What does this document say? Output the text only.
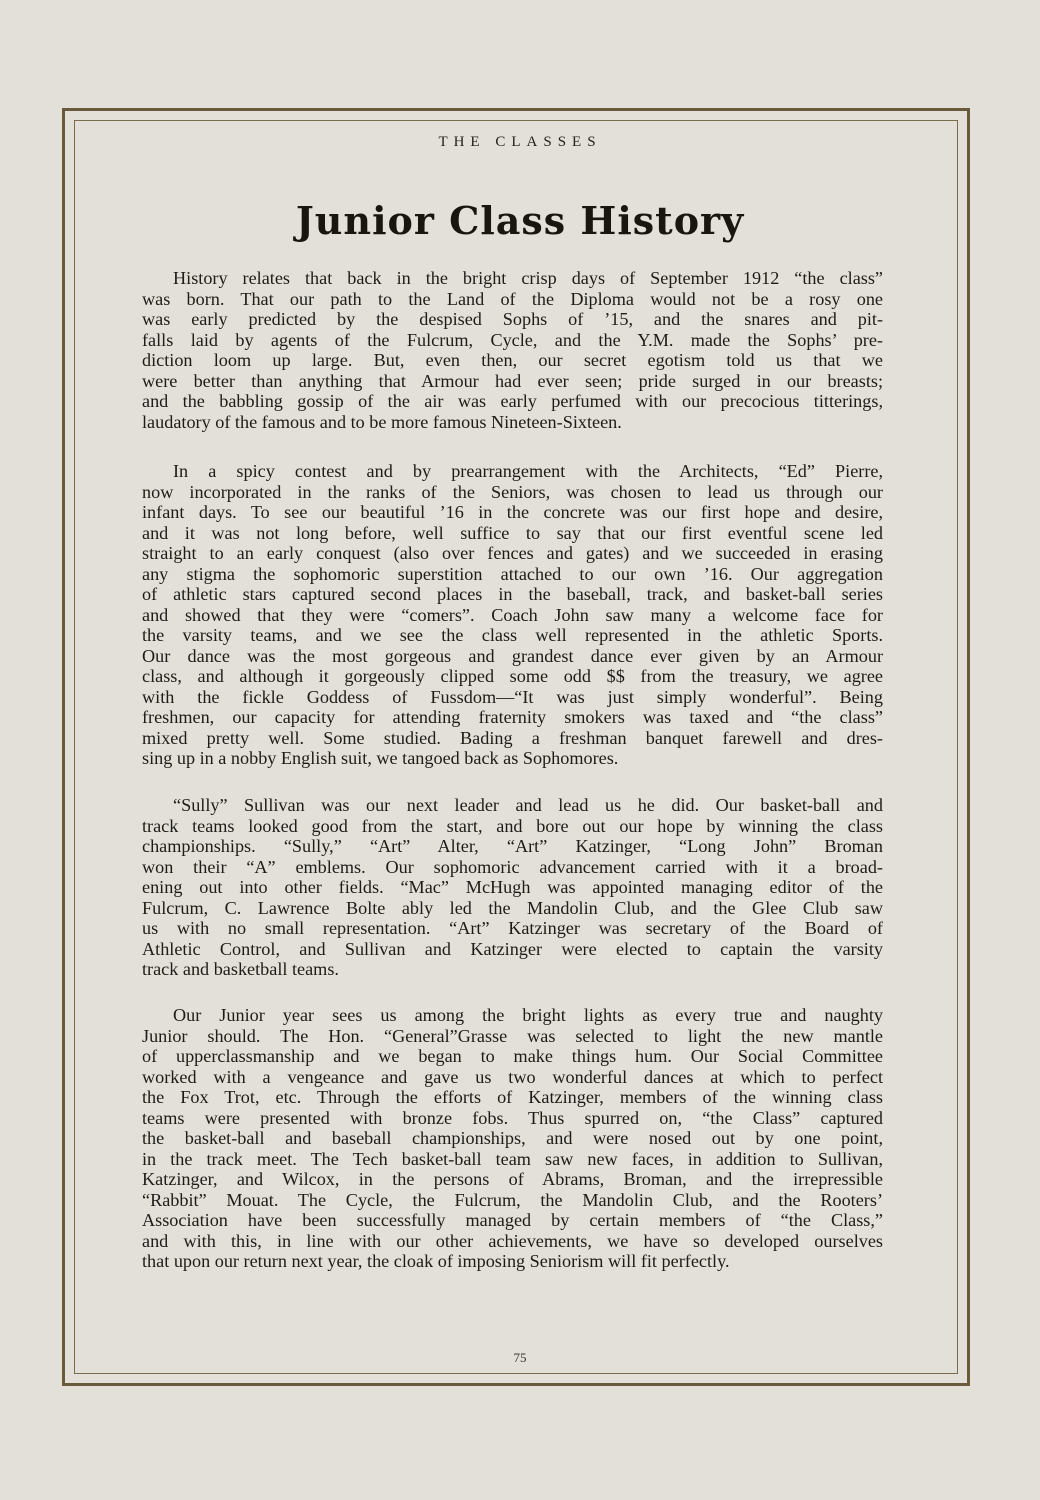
THE CLASSES
Junior Class History
History relates that back in the bright crisp days of September 1912 “the class”
was born. That our path to the Land of the Diploma would not be a rosy one
was early predicted by the despised Sophs of ’15, and the snares and pit-
falls laid by agents of the Fulcrum, Cycle, and the Y.M. made the Sophs’ pre-
diction loom up large. But, even then, our secret egotism told us that we
were better than anything that Armour had ever seen; pride surged in our breasts;
and the babbling gossip of the air was early perfumed with our precocious titterings,
laudatory of the famous and to be more famous Nineteen-Sixteen.
In a spicy contest and by prearrangement with the Architects, “Ed” Pierre,
now incorporated in the ranks of the Seniors, was chosen to lead us through our
infant days. To see our beautiful ’16 in the concrete was our first hope and desire,
and it was not long before, well suffice to say that our first eventful scene led
straight to an early conquest (also over fences and gates) and we succeeded in erasing
any stigma the sophomoric superstition attached to our own ’16. Our aggregation
of athletic stars captured second places in the baseball, track, and basket-ball series
and showed that they were “comers”. Coach John saw many a welcome face for
the varsity teams, and we see the class well represented in the athletic Sports.
Our dance was the most gorgeous and grandest dance ever given by an Armour
class, and although it gorgeously clipped some odd $$ from the treasury, we agree
with the fickle Goddess of Fussdom—“It was just simply wonderful”. Being
freshmen, our capacity for attending fraternity smokers was taxed and “the class”
mixed pretty well. Some studied. Bading a freshman banquet farewell and dres-
sing up in a nobby English suit, we tangoed back as Sophomores.
“Sully” Sullivan was our next leader and lead us he did. Our basket-ball and
track teams looked good from the start, and bore out our hope by winning the class
championships. “Sully,” “Art” Alter, “Art” Katzinger, “Long John” Broman
won their “A” emblems. Our sophomoric advancement carried with it a broad-
ening out into other fields. “Mac” McHugh was appointed managing editor of the
Fulcrum, C. Lawrence Bolte ably led the Mandolin Club, and the Glee Club saw
us with no small representation. “Art” Katzinger was secretary of the Board of
Athletic Control, and Sullivan and Katzinger were elected to captain the varsity
track and basketball teams.
Our Junior year sees us among the bright lights as every true and naughty
Junior should. The Hon. “General”Grasse was selected to light the new mantle
of upperclassmanship and we began to make things hum. Our Social Committee
worked with a vengeance and gave us two wonderful dances at which to perfect
the Fox Trot, etc. Through the efforts of Katzinger, members of the winning class
teams were presented with bronze fobs. Thus spurred on, “the Class” captured
the basket-ball and baseball championships, and were nosed out by one point,
in the track meet. The Tech basket-ball team saw new faces, in addition to Sullivan,
Katzinger, and Wilcox, in the persons of Abrams, Broman, and the irrepressible
“Rabbit” Mouat. The Cycle, the Fulcrum, the Mandolin Club, and the Rooters’
Association have been successfully managed by certain members of “the Class,”
and with this, in line with our other achievements, we have so developed ourselves
that upon our return next year, the cloak of imposing Seniorism will fit perfectly.
75
